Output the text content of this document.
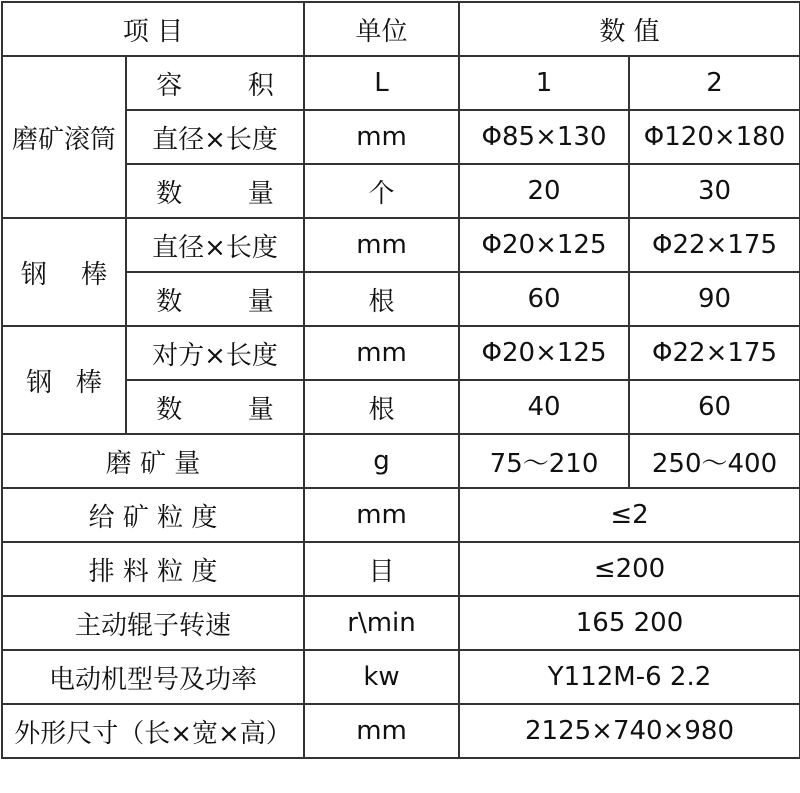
项 目		单位	数 值	
磨矿滚筒	容 积	L	1	2
	直径×长度	mm	Φ85×130	Φ120×180
	数 量	个	20	30
钢 棒	直径×长度	mm	Φ20×125	Φ22×175
	数 量	根	60	90
钢 棒	对方×长度	mm	Φ20×125	Φ22×175
	数 量	根	40	60
磨 矿 量		g	75～210	250～400
给 矿 粒 度		mm	≤2	
排 料 粒 度		目	≤200	
主动辊子转速		r\min	165 200	
电动机型号及功率		kw	Y112M-6 2.2	
外形尺寸（长×宽×高）		mm	2125×740×980	
